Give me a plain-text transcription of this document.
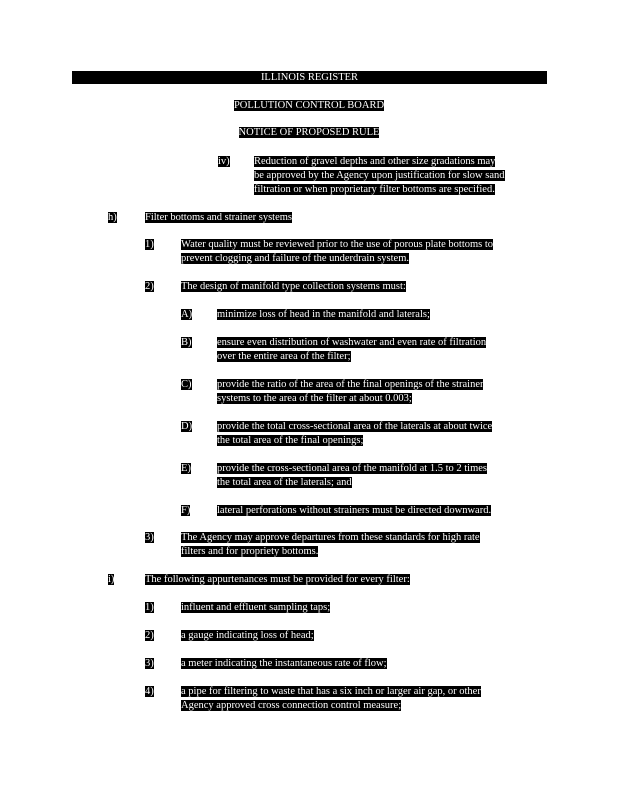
ILLINOIS REGISTER
POLLUTION CONTROL BOARD
NOTICE OF PROPOSED RULE
iv) Reduction of gravel depths and other size gradations may
be approved by the Agency upon justification for slow sand
filtration or when proprietary filter bottoms are specified.
h)	Filter bottoms and strainer systems
1)	Water quality must be reviewed prior to the use of porous plate bottoms to
prevent clogging and failure of the underdrain system.
2)	The design of manifold type collection systems must:
A) minimize loss of head in the manifold and laterals;
B) ensure even distribution of washwater and even rate of filtration
over the entire area of the filter;
C) provide the ratio of the area of the final openings of the strainer
systems to the area of the filter at about 0.003;
D) provide the total cross-sectional area of the laterals at about twice
the total area of the final openings;
E) provide the cross-sectional area of the manifold at 1.5 to 2 times
the total area of the laterals; and
F)	lateral perforations without strainers must be directed downward.
3)	The Agency may approve departures from these standards for high rate
filters and for propriety bottoms.
i)	The following appurtenances must be provided for every filter:
1)	influent and effluent sampling taps;
2)	a gauge indicating loss of head;
3)	a meter indicating the instantaneous rate of flow;
4)	a pipe for filtering to waste that has a six inch or larger air gap, or other
Agency approved cross connection control measure;
